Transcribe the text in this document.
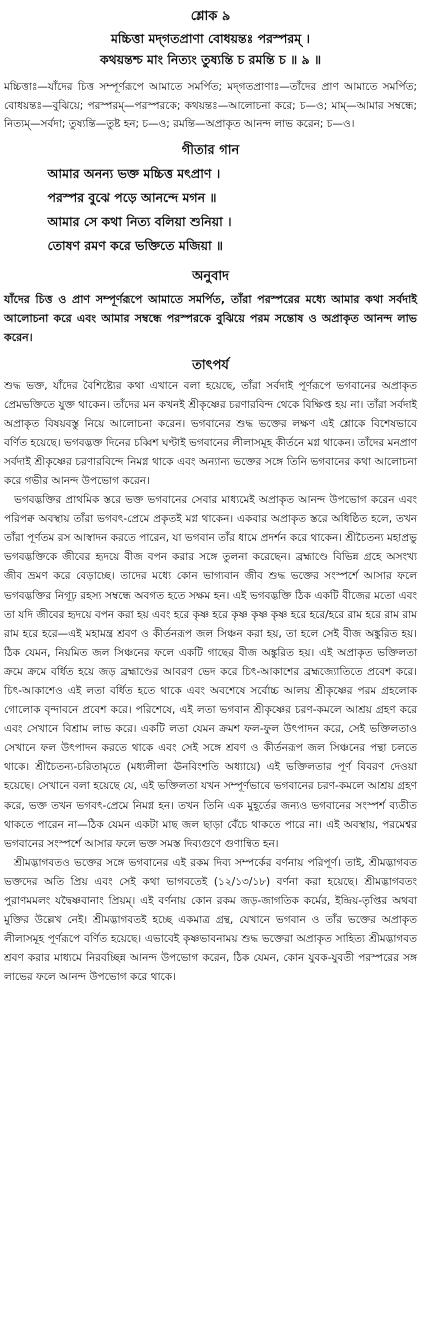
শ্লোক ৯

মচ্চিত্তা মদ্‌গতপ্রাণা বোধয়ন্তঃ পরস্পরম্‌ ।

কথয়ন্তশ্চ মাং নিত্যং তুষ্যন্তি চ রমন্তি চ ॥ ৯ ॥

মচ্চিত্তাঃ—যাঁদের চিত্ত সম্পূর্ণরূপে আমাতে সমর্পিত; মদ্‌গতপ্রাণাঃ—তাঁদের প্রাণ আমাতে সমর্পিত; বোধয়ন্তঃ—বুঝিয়ে; পরস্পরম্‌—পরস্পরকে; কথয়ন্তঃ—আলোচনা করে; চ—ও; মাম্‌—আমার সম্বন্ধে; নিত্যম্‌—সর্বদা; তুষ্যন্তি—তুষ্ট হন; চ—ও; রমন্তি—অপ্রাকৃত আনন্দ লাভ করেন; চ—ও।

গীতার গান
আমার অনন্য ভক্ত মচ্চিত্ত মৎপ্রাণ ।
পরস্পর বুঝে পড়ে আনন্দে মগন ॥
আমার সে কথা নিত্য বলিয়া শুনিয়া ।
তোষণ রমণ করে ভক্তিতে মজিয়া ॥
অনুবাদ

যাঁদের চিত্ত ও প্রাণ সম্পূর্ণরূপে আমাতে সমর্পিত, তাঁরা পরস্পরের মধ্যে আমার কথা সর্বদাই আলোচনা করে এবং আমার সম্বন্ধে পরস্পরকে বুঝিয়ে পরম সন্তোষ ও অপ্রাকৃত আনন্দ লাভ করেন।

তাৎপর্য

শুদ্ধ ভক্ত, যাঁদের বৈশিষ্ট্যের কথা এখানে বলা হয়েছে, তাঁরা সর্বদাই পূর্ণরূপে ভগবানের অপ্রাকৃত প্রেমভক্তিতে যুক্ত থাকেন। তাঁদের মন কখনই শ্রীকৃষ্ণের চরণারবিন্দ থেকে বিক্ষিপ্ত হয় না। তাঁরা সর্বদাই অপ্রাকৃত বিষয়বস্তু নিয়ে আলোচনা করেন। ভগবানের শুদ্ধ ভক্তের লক্ষণ এই শ্লোকে বিশেষভাবে বর্ণিত হয়েছে। ভগবদ্ভক্ত দিনের চব্বিশ ঘণ্টাই ভগবানের লীলাসমূহ কীর্তনে মগ্ন থাকেন। তাঁদের মনপ্রাণ সর্বদাই শ্রীকৃষ্ণের চরণারবিন্দে নিমগ্ন থাকে এবং অন্যান্য ভক্তের সঙ্গে তিনি ভগবানের কথা আলোচনা করে গভীর আনন্দ উপভোগ করেন।

ভগবদ্ভক্তির প্রাথমিক স্তরে ভক্ত ভগবানের সেবার মাধ্যমেই অপ্রাকৃত আনন্দ উপভোগ করেন এবং পরিপক্ব অবস্থায় তাঁরা ভগবৎ-প্রেমে প্রকৃতই মগ্ন থাকেন। একবার অপ্রাকৃত স্তরে অধিষ্ঠিত হলে, তখন তাঁরা পূর্ণতম রস আস্বাদন করতে পারেন, যা ভগবান তাঁর ধামে প্রদর্শন করে থাকেন। শ্রীচৈতন্য মহাপ্রভু ভগবদ্ভক্তিকে জীবের হৃদয়ে বীজ বপন করার সঙ্গে তুলনা করেছেন। ব্রহ্মাণ্ডে বিভিন্ন গ্রহে অসংখ্য জীব ভ্রমণ করে বেড়াচ্ছে। তাদের মধ্যে কোন ভাগ্যবান জীব শুদ্ধ ভক্তের সংস্পর্শে আসার ফলে ভগবদ্ভক্তির নিগূঢ় রহস্য সম্বন্ধে অবগত হতে সক্ষম হন। এই ভগবদ্ভক্তি ঠিক একটি বীজের মতো এবং তা যদি জীবের হৃদয়ে বপন করা হয় এবং হরে কৃষ্ণ হরে কৃষ্ণ কৃষ্ণ কৃষ্ণ হরে হরে/হরে রাম হরে রাম রাম রাম হরে হরে—এই মহামন্ত্র শ্রবণ ও কীর্তনরূপ জল সিঞ্চন করা হয়, তা হলে সেই বীজ অঙ্কুরিত হয়। ঠিক যেমন, নিয়মিত জল সিঞ্চনের ফলে একটি গাছের বীজ অঙ্কুরিত হয়। এই অপ্রাকৃত ভক্তিলতা ক্রমে ক্রমে বর্ধিত হয়ে জড় ব্রহ্মাণ্ডের আবরণ ভেদ করে চিৎ-আকাশের ব্রহ্মজ্যোতিতে প্রবেশ করে। চিৎ-আকাশেও এই লতা বর্ধিত হতে থাকে এবং অবশেষে সর্বোচ্চ আলয় শ্রীকৃষ্ণের পরম গ্রহলোক গোলোক বৃন্দাবনে প্রবেশ করে। পরিশেষে, এই লতা ভগবান শ্রীকৃষ্ণের চরণ-কমলে আশ্রয় গ্রহণ করে এবং সেখানে বিশ্রাম লাভ করে। একটি লতা যেমন ক্রমশ ফল-ফুল উৎপাদন করে, সেই ভক্তিলতাও সেখানে ফল উৎপাদন করতে থাকে এবং সেই সঙ্গে শ্রবণ ও কীর্তনরূপ জল সিঞ্চনের পন্থা চলতে থাকে। শ্রীচৈতন্য-চরিতামৃতে (মধ্যলীলা ঊনবিংশতি অধ্যায়ে) এই ভক্তিলতার পূর্ণ বিবরণ দেওয়া হয়েছে। সেখানে বলা হয়েছে যে, এই ভক্তিলতা যখন সম্পূর্ণভাবে ভগবানের চরণ-কমলে আশ্রয় গ্রহণ করে, ভক্ত তখন ভগবৎ-প্রেমে নিমগ্ন হন। তখন তিনি এক মুহূর্তের জন্যও ভগবানের সংস্পর্শ ব্যতীত থাকতে পারেন না—ঠিক যেমন একটা মাছ জল ছাড়া বেঁচে থাকতে পারে না। এই অবস্থায়, পরমেশ্বর ভগবানের সংস্পর্শে আসার ফলে ভক্ত সমস্ত দিব্যগুণে গুণান্বিত হন।

শ্রীমদ্ভাগবতও ভক্তের সঙ্গে ভগবানের এই রকম দিব্য সম্পর্কের বর্ণনায় পরিপূর্ণ। তাই, শ্রীমদ্ভাগবত ভক্তদের অতি প্রিয় এবং সেই কথা ভাগবতেই (১২/১৩/১৮) বর্ণনা করা হয়েছে। শ্রীমদ্ভাগবতং পুরাণমমলং যদ্বৈষ্ণবানাং প্রিয়ম্‌। এই বর্ণনায় কোন রকম জড়-জাগতিক কর্মের, ইন্দ্রিয়-তৃপ্তির অথবা মুক্তির উল্লেখ নেই। শ্রীমদ্ভাগবতই হচ্ছে একমাত্র গ্রন্থ, যেখানে ভগবান ও তাঁর ভক্তের অপ্রাকৃত লীলাসমূহ পূর্ণরূপে বর্ণিত হয়েছে। এভাবেই কৃষ্ণভাবনাময় শুদ্ধ ভক্তেরা অপ্রাকৃত সাহিত্য শ্রীমদ্ভাগবত শ্রবণ করার মাধ্যমে নিরবচ্ছিন্ন আনন্দ উপভোগ করেন, ঠিক যেমন, কোন যুবক-যুবতী পরস্পরের সঙ্গ লাভের ফলে আনন্দ উপভোগ করে থাকে।
